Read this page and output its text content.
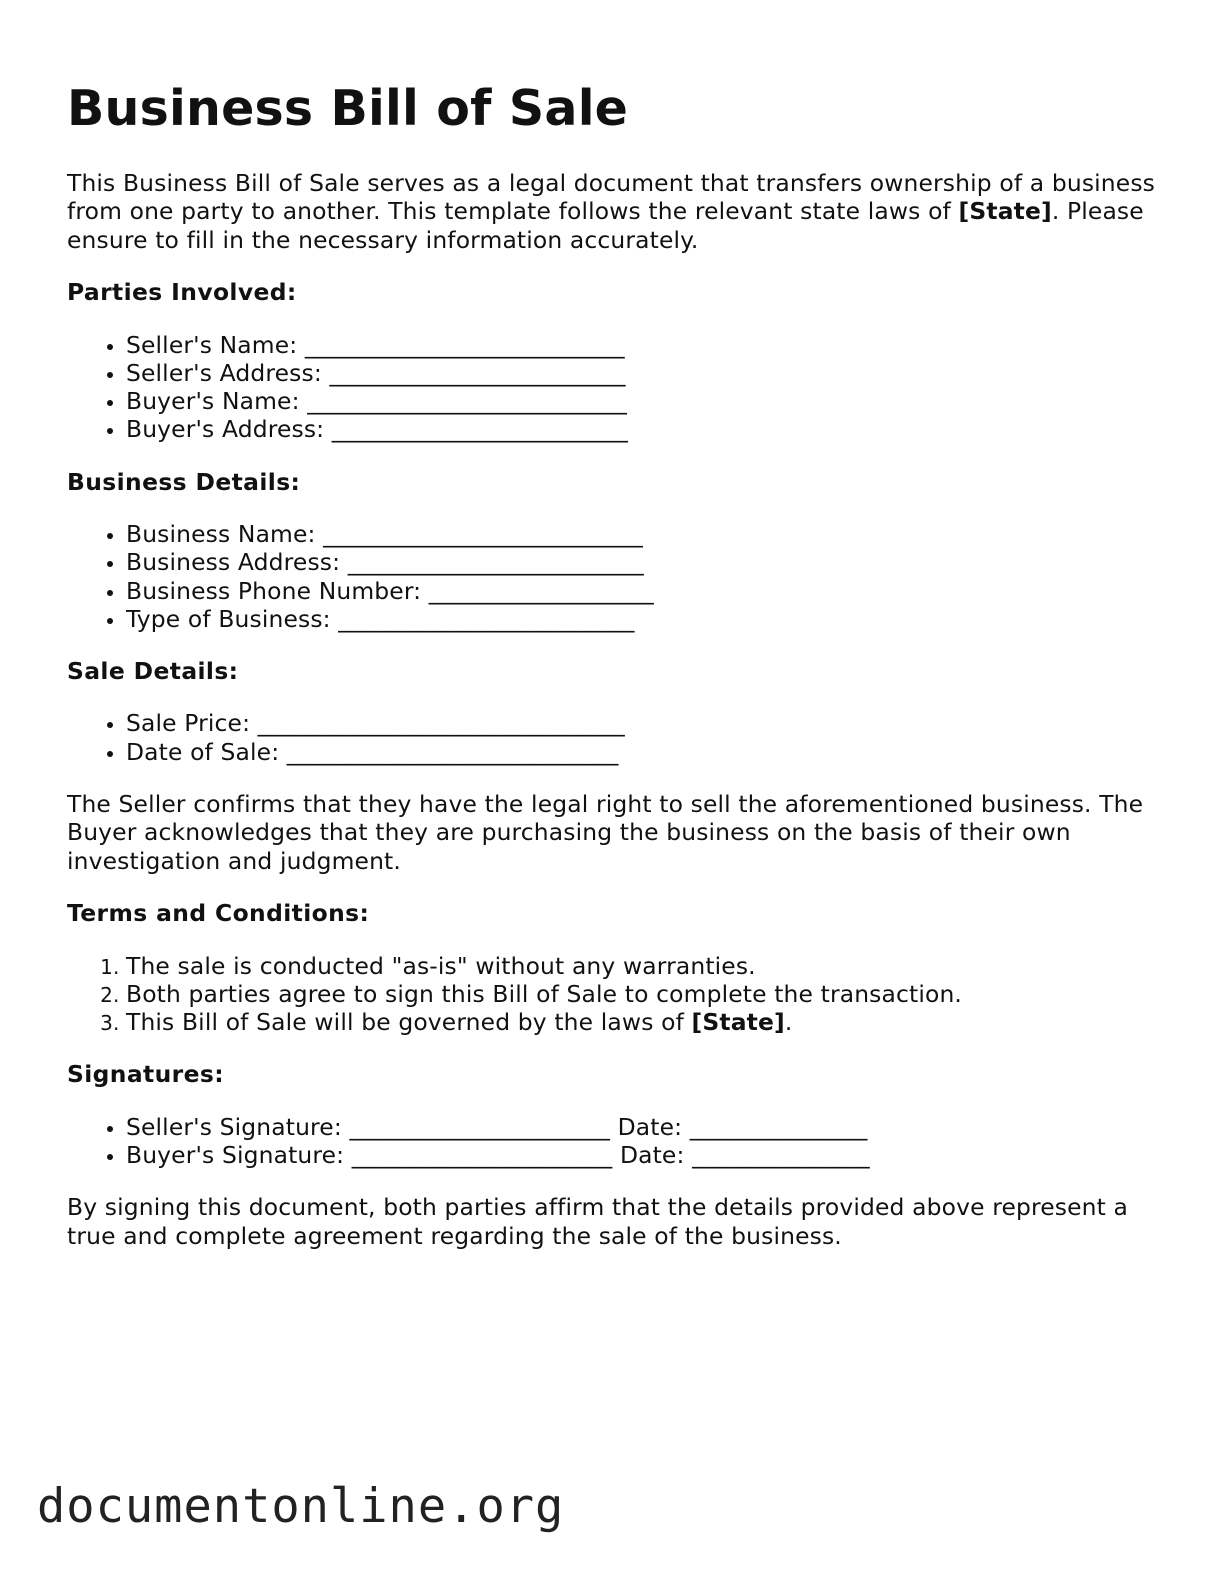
Business Bill of Sale

This Business Bill of Sale serves as a legal document that transfers ownership of a business from one party to another. This template follows the relevant state laws of [State]. Please ensure to fill in the necessary information accurately.

Parties Involved:
• Seller's Name: ___________________________
• Seller's Address: _________________________
• Buyer's Name: ___________________________
• Buyer's Address: _________________________
Business Details:
• Business Name: ___________________________
• Business Address: _________________________
• Business Phone Number: ___________________
• Type of Business: _________________________
Sale Details:
• Sale Price: _______________________________
• Date of Sale: ____________________________

The Seller confirms that they have the legal right to sell the aforementioned business. The Buyer acknowledges that they are purchasing the business on the basis of their own investigation and judgment.

Terms and Conditions:
1. The sale is conducted "as-is" without any warranties.
2. Both parties agree to sign this Bill of Sale to complete the transaction.
3. This Bill of Sale will be governed by the laws of [State].
Signatures:
• Seller's Signature: ______________________ Date: _______________
• Buyer's Signature: ______________________ Date: _______________

By signing this document, both parties affirm that the details provided above represent a true and complete agreement regarding the sale of the business.

documentonline.org
